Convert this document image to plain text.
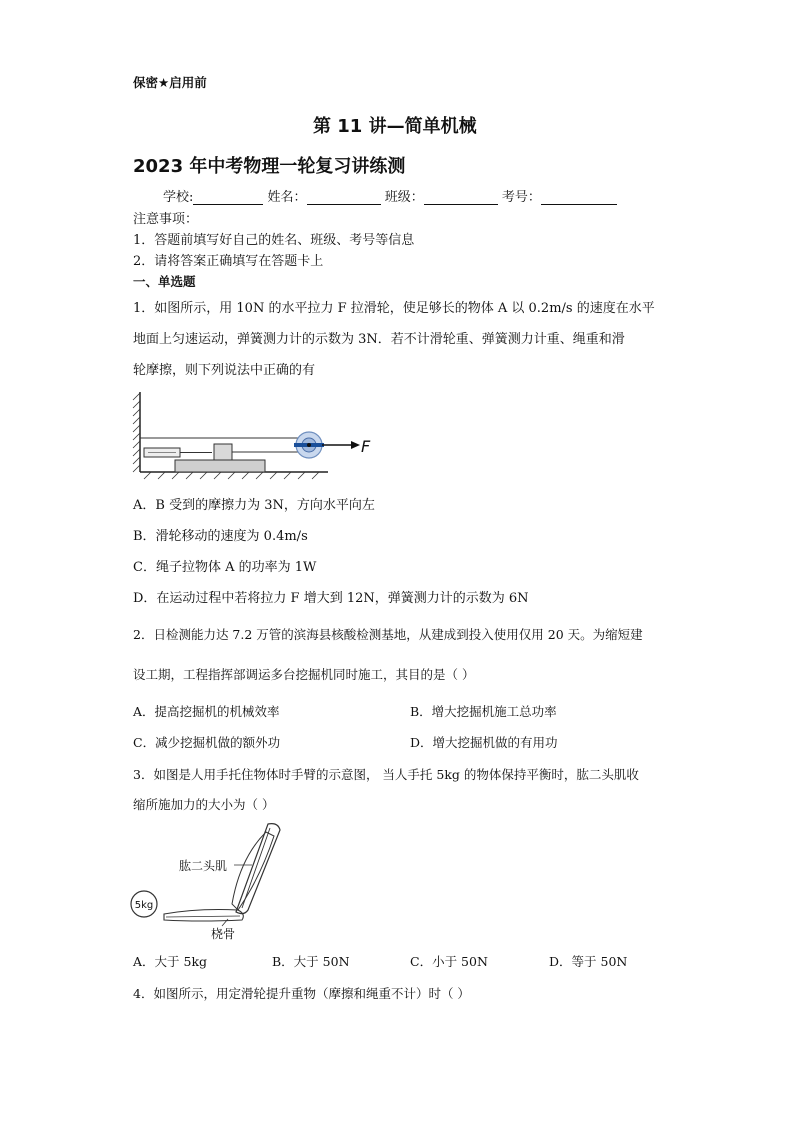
保密★启用前
第 11 讲—简单机械
2023 年中考物理一轮复习讲练测
学校:	姓名：	班级：	考号：
注意事项：
1．答题前填写好自己的姓名、班级、考号等信息
2．请将答案正确填写在答题卡上
一、单选题
1．如图所示，用 10N 的水平拉力 F 拉滑轮，使足够长的物体 A 以 0.2m/s 的速度在水平
地面上匀速运动，弹簧测力计的示数为 3N．若不计滑轮重、弹簧测力计重、绳重和滑
轮摩擦，则下列说法中正确的有
F
A．B 受到的摩擦力为 3N，方向水平向左
B．滑轮移动的速度为 0.4m/s
C．绳子拉物体 A 的功率为 1W
D．在运动过程中若将拉力 F 增大到 12N，弹簧测力计的示数为 6N
2．日检测能力达 7.2 万管的滨海县核酸检测基地，从建成到投入使用仅用 20 天。为缩短建
设工期，工程指挥部调运多台挖掘机同时施工，其目的是（ ）
A．提高挖掘机的机械效率	B．增大挖掘机施工总功率
C．减少挖掘机做的额外功	D．增大挖掘机做的有用功
3．如图是人用手托住物体时手臂的示意图， 当人手托 5kg 的物体保持平衡时，肱二头肌收
缩所施加力的大小为（ ）
5kg
肱二头肌
桡骨
A．大于 5kg	B．大于 50N	C．小于 50N	D．等于 50N
4．如图所示，用定滑轮提升重物（摩擦和绳重不计）时（ ）
